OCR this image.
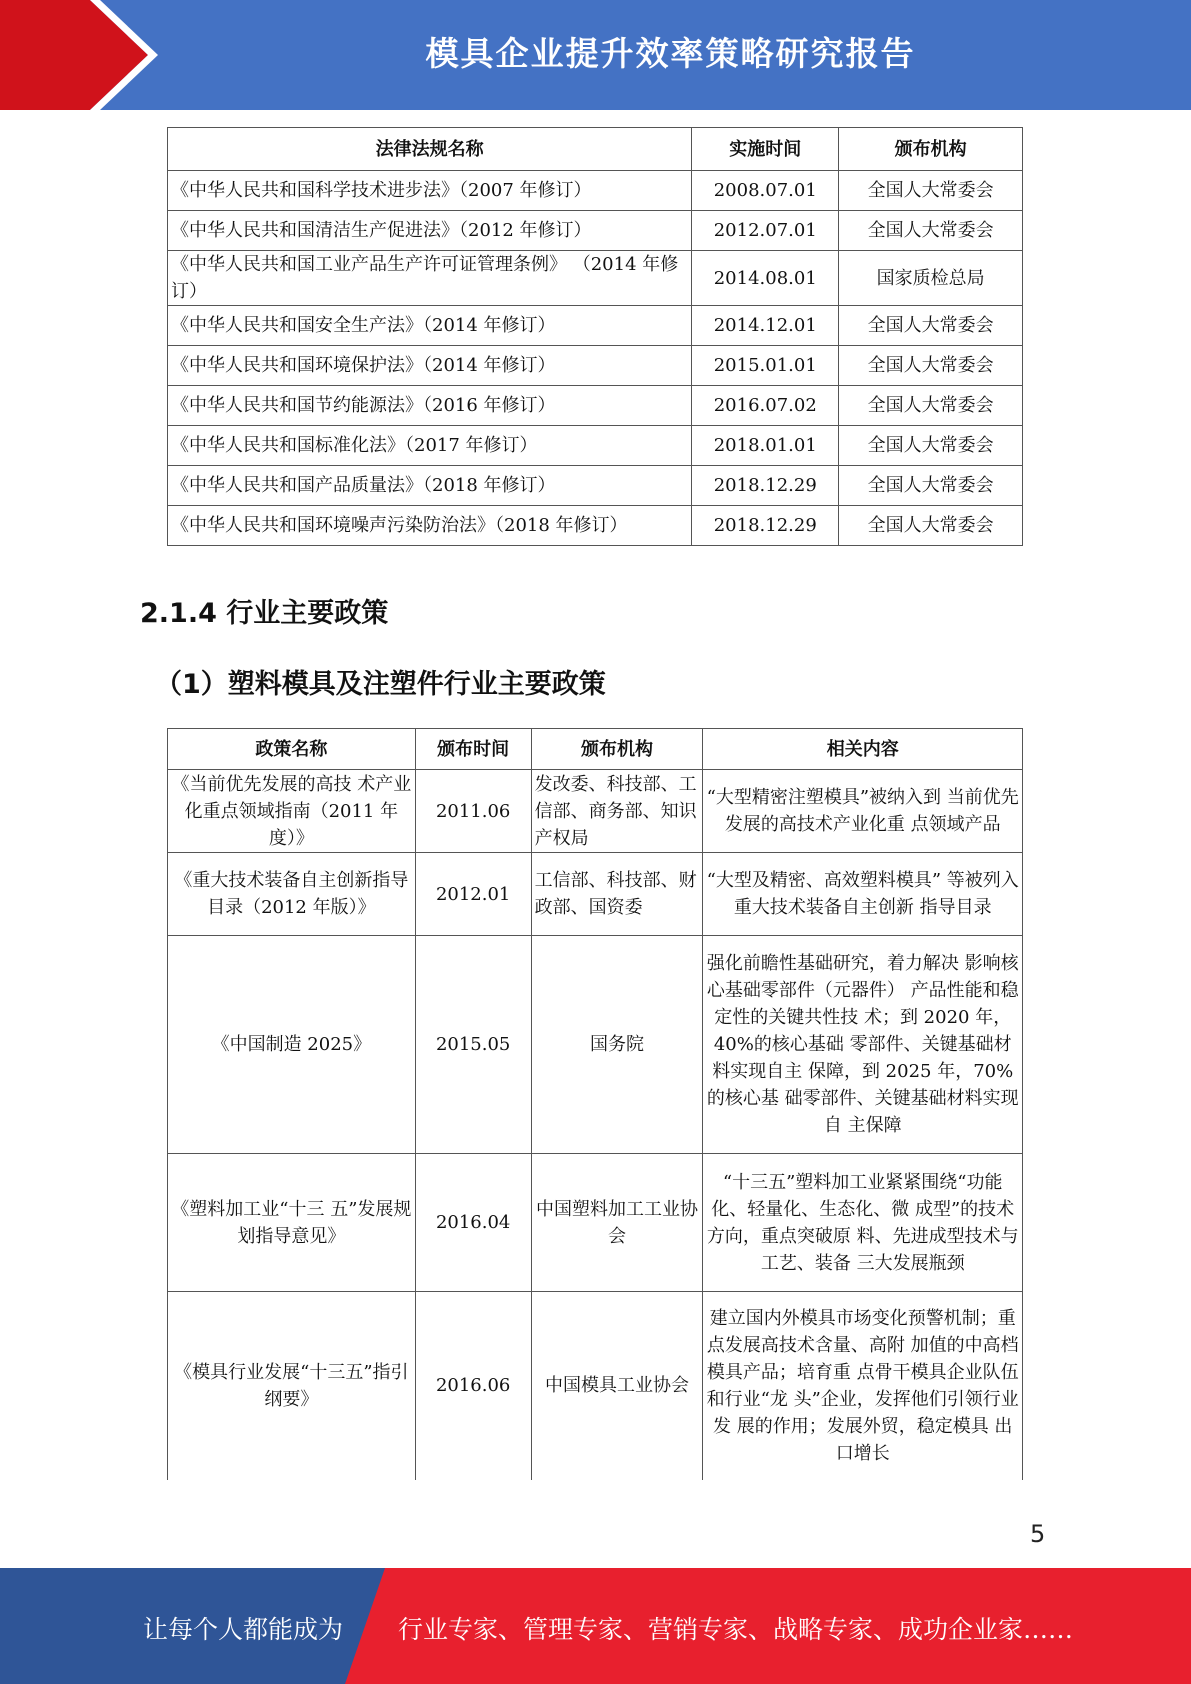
模具企业提升效率策略研究报告
法律法规名称	实施时间	颁布机构
《中华人民共和国科学技术进步法》（2007 年修订）	2008.07.01	全国人大常委会
《中华人民共和国清洁生产促进法》（2012 年修订）	2012.07.01	全国人大常委会
《中华人民共和国工业产品生产许可证管理条例》 （2014 年修订）	2014.08.01	国家质检总局
《中华人民共和国安全生产法》（2014 年修订）	2014.12.01	全国人大常委会
《中华人民共和国环境保护法》（2014 年修订）	2015.01.01	全国人大常委会
《中华人民共和国节约能源法》（2016 年修订）	2016.07.02	全国人大常委会
《中华人民共和国标准化法》（2017 年修订）	2018.01.01	全国人大常委会
《中华人民共和国产品质量法》（2018 年修订）	2018.12.29	全国人大常委会
《中华人民共和国环境噪声污染防治法》（2018 年修订）	2018.12.29	全国人大常委会
2.1.4 行业主要政策
（1）塑料模具及注塑件行业主要政策
政策名称	颁布时间	颁布机构	相关内容
《当前优先发展的高技 术产业化重点领域指南（2011 年度）》	2011.06	发改委、科技部、工信部、商务部、知识产权局	“大型精密注塑模具”被纳入到 当前优先发展的高技术产业化重 点领域产品
《重大技术装备自主创新指导目录（2012 年版）》	2012.01	工信部、科技部、财政部、国资委	“大型及精密、高效塑料模具” 等被列入重大技术装备自主创新 指导目录
《中国制造 2025》	2015.05	国务院	强化前瞻性基础研究，着力解决 影响核心基础零部件（元器件） 产品性能和稳定性的关键共性技 术；到 2020 年，40%的核心基础 零部件、关键基础材料实现自主 保障，到 2025 年，70%的核心基 础零部件、关键基础材料实现自 主保障
《塑料加工业“十三 五”发展规划指导意见》	2016.04	中国塑料加工工业协会	“十三五”塑料加工业紧紧围绕“功能化、轻量化、生态化、微 成型”的技术方向，重点突破原 料、先进成型技术与工艺、装备 三大发展瓶颈
《模具行业发展“十三五”指引纲要》	2016.06	中国模具工业协会	建立国内外模具市场变化预警机制；重点发展高技术含量、高附 加值的中高档模具产品；培育重 点骨干模具企业队伍和行业“龙 头”企业，发挥他们引领行业发 展的作用；发展外贸，稳定模具 出口增长
5
让每个人都能成为 行业专家、管理专家、营销专家、战略专家、成功企业家……
